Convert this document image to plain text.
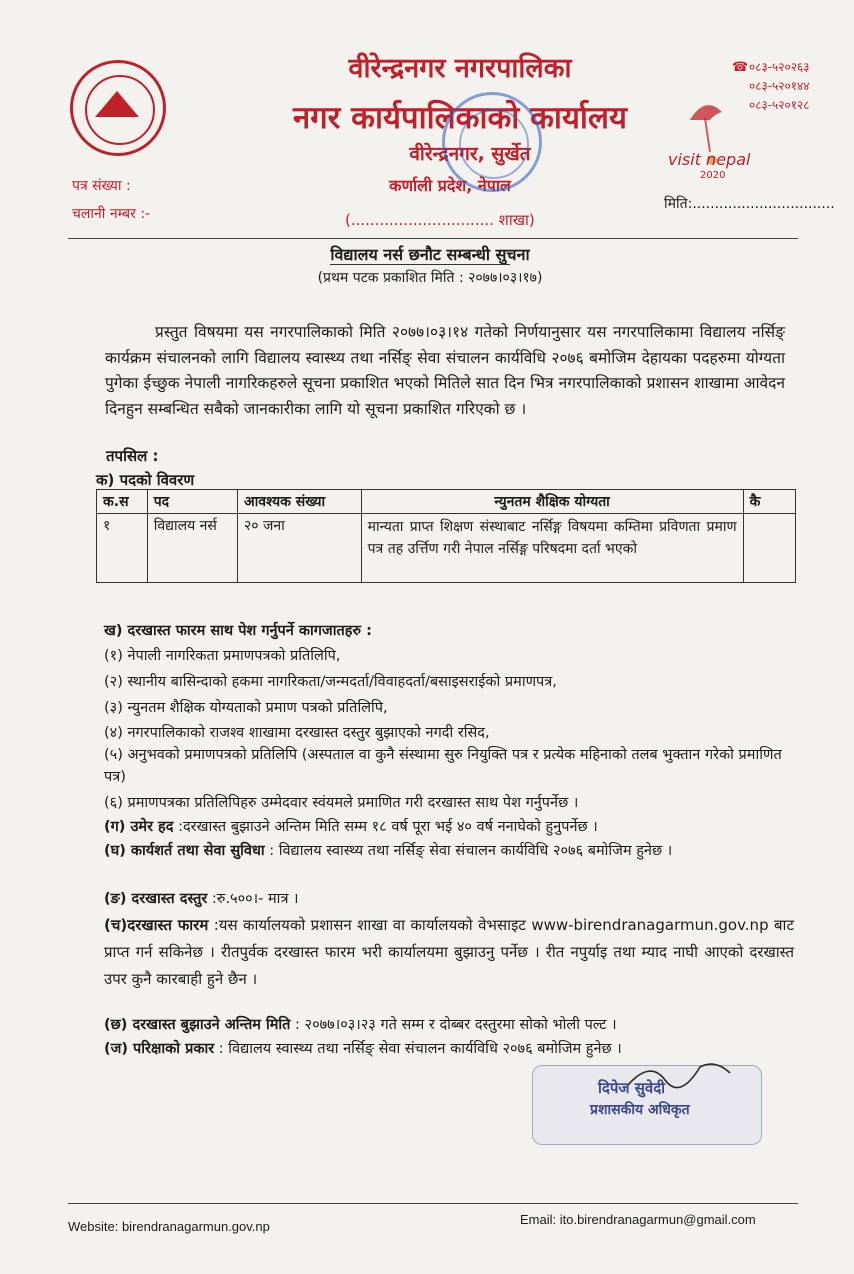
वीरेन्द्रनगर नगरपालिका
नगर कार्यपालिकाको कार्यालय
वीरेन्द्रनगर, सुर्खेत
कर्णाली प्रदेश, नेपाल
☎ ०८३-५२०२६३
०८३-५२०१४४
०८३-५२०१२८
visit nepal
2020
पत्र संख्या :
चलानी नम्बर :-
मिति:................................
(.............................. शाखा)
विद्यालय नर्स छनौट सम्बन्धी सुचना
(प्रथम पटक प्रकाशित मिति : २०७७।०३।१७)
प्रस्तुत विषयमा यस नगरपालिकाको मिति २०७७।०३।१४ गतेको निर्णयानुसार यस नगरपालिकामा विद्यालय नर्सिङ् कार्यक्रम संचालनको लागि विद्यालय स्वास्थ्य तथा नर्सिङ् सेवा संचालन कार्यविधि २०७६ बमोजिम देहायका पदहरुमा योग्यता पुगेका ईच्छुक नेपाली नागरिकहरुले सूचना प्रकाशित भएको मितिले सात दिन भित्र नगरपालिकाको प्रशासन शाखामा आवेदन दिनहुन सम्बन्धित सबैको जानकारीका लागि यो सूचना प्रकाशित गरिएको छ ।
तपसिल :
क) पदको विवरण
क.स	पद	आवश्यक संख्या	न्युनतम शैक्षिक योग्यता	कै
१	विद्यालय नर्स	२० जना	मान्यता प्राप्त शिक्षण संस्थाबाट नर्सिङ्ग विषयमा कम्तिमा प्रविणता प्रमाण पत्र तह उर्त्तिण गरी नेपाल नर्सिङ्ग परिषदमा दर्ता भएको	
ख) दरखास्त फारम साथ पेश गर्नुपर्ने कागजातहरु :
(१) नेपाली नागरिकता प्रमाणपत्रको प्रतिलिपि,
(२) स्थानीय बासिन्दाको हकमा नागरिकता/जन्मदर्ता/विवाहदर्ता/बसाइसराईको प्रमाणपत्र,
(३) न्युनतम शैक्षिक योग्यताको प्रमाण पत्रको प्रतिलिपि,
(४) नगरपालिकाको राजश्व शाखामा दरखास्त दस्तुर बुझाएको नगदी रसिद,
(५) अनुभवको प्रमाणपत्रको प्रतिलिपि (अस्पताल वा कुनै संस्थामा सुरु नियुक्ति पत्र र प्रत्येक महिनाको तलब भुक्तान गरेको प्रमाणित पत्र)
(६) प्रमाणपत्रका प्रतिलिपिहरु उम्मेदवार स्वंयमले प्रमाणित गरी दरखास्त साथ पेश गर्नुपर्नेछ ।
(ग) उमेर हद :दरखास्त बुझाउने अन्तिम मिति सम्म १८ वर्ष पूरा भई ४० वर्ष ननाघेको हुनुपर्नेछ ।
(घ) कार्यशर्त तथा सेवा सुविधा : विद्यालय स्वास्थ्य तथा नर्सिङ् सेवा संचालन कार्यविधि २०७६ बमोजिम हुनेछ ।
(ङ) दरखास्त दस्तुर :रु.५००।- मात्र ।
(च)दरखास्त फारम :यस कार्यालयको प्रशासन शाखा वा कार्यालयको वेभसाइट www-birendranagarmun.gov.np बाट प्राप्त गर्न सकिनेछ । रीतपुर्वक दरखास्त फारम भरी कार्यालयमा बुझाउनु पर्नेछ । रीत नपुर्याइ तथा म्याद नाघी आएको दरखास्त उपर कुनै कारबाही हुने छैन ।
(छ) दरखास्त बुझाउने अन्तिम मिति : २०७७।०३।२३ गते सम्म र दोब्बर दस्तुरमा सोको भोली पल्ट ।
(ज) परिक्षाको प्रकार : विद्यालय स्वास्थ्य तथा नर्सिङ् सेवा संचालन कार्यविधि २०७६ बमोजिम हुनेछ ।
दिपेज सुवेदी
प्रशासकीय अधिकृत
Website: birendranagarmun.gov.np	Email: ito.birendranagarmun@gmail.com
